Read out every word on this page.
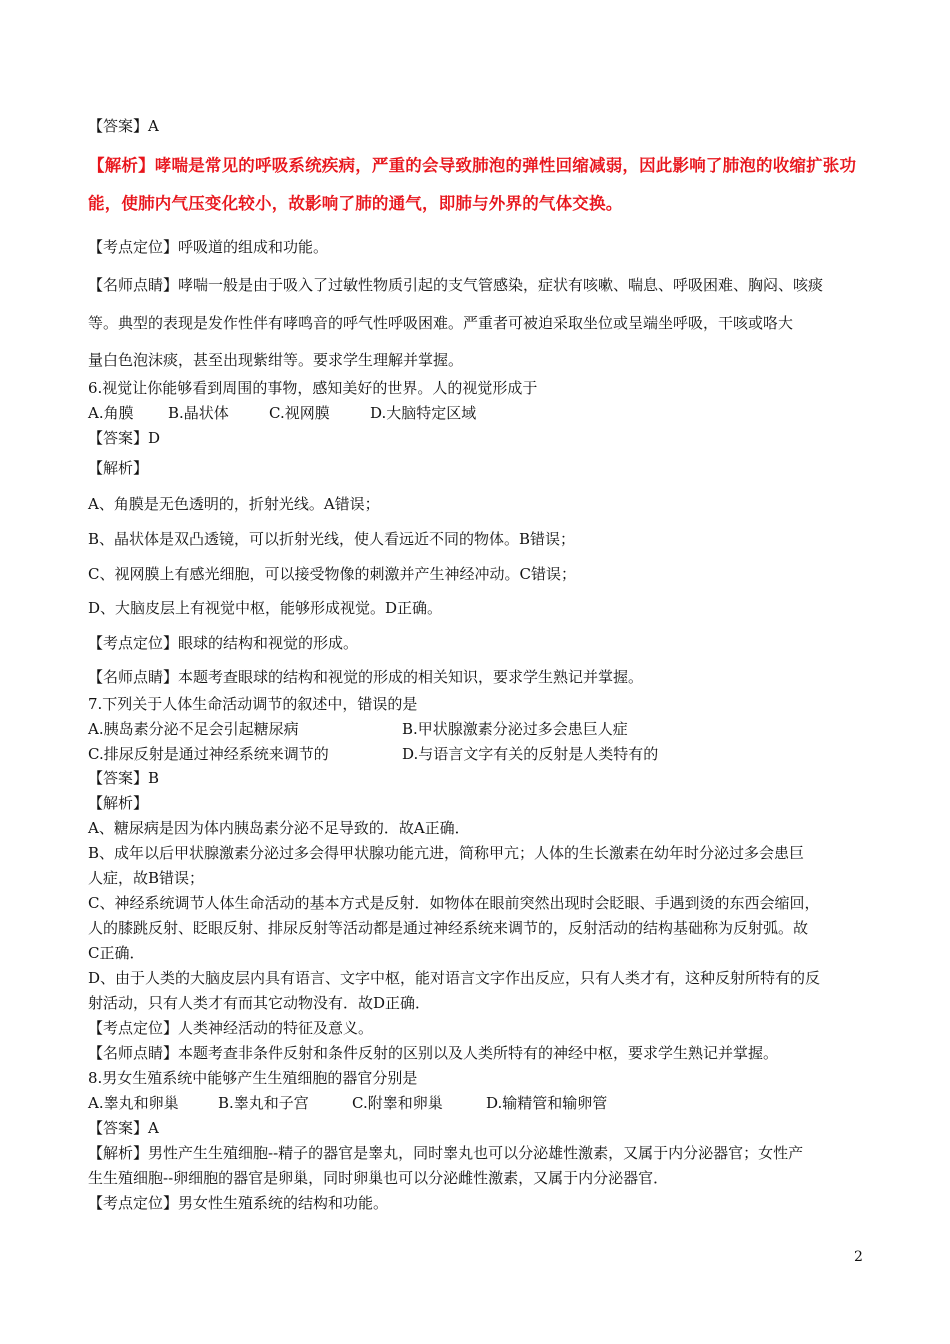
【答案】A
【解析】哮喘是常见的呼吸系统疾病，严重的会导致肺泡的弹性回缩减弱，因此影响了肺泡的收缩扩张功
能，使肺内气压变化较小，故影响了肺的通气，即肺与外界的气体交换。
【考点定位】呼吸道的组成和功能。
【名师点睛】哮喘一般是由于吸入了过敏性物质引起的支气管感染，症状有咳嗽、喘息、呼吸困难、胸闷、咳痰
等。典型的表现是发作性伴有哮鸣音的呼气性呼吸困难。严重者可被迫采取坐位或呈端坐呼吸，干咳或咯大
量白色泡沫痰，甚至出现紫绀等。要求学生理解并掌握。
6.视觉让你能够看到周围的事物，感知美好的世界。人的视觉形成于
A.角膜 B.晶状体	C.视网膜	D.大脑特定区域
【答案】D
【解析】
A、角膜是无色透明的，折射光线。A错误；
B、晶状体是双凸透镜，可以折射光线，使人看远近不同的物体。B错误；
C、视网膜上有感光细胞，可以接受物像的刺激并产生神经冲动。C错误；
D、大脑皮层上有视觉中枢，能够形成视觉。D正确。
【考点定位】眼球的结构和视觉的形成。
【名师点睛】本题考查眼球的结构和视觉的形成的相关知识，要求学生熟记并掌握。
7.下列关于人体生命活动调节的叙述中，错误的是
A.胰岛素分泌不足会引起糖尿病	B.甲状腺激素分泌过多会患巨人症
C.排尿反射是通过神经系统来调节的	D.与语言文字有关的反射是人类特有的
【答案】B
【解析】
A、糖尿病是因为体内胰岛素分泌不足导致的．故A正确．
B、成年以后甲状腺激素分泌过多会得甲状腺功能亢进，简称甲亢；人体的生长激素在幼年时分泌过多会患巨
人症，故B错误；
C、神经系统调节人体生命活动的基本方式是反射．如物体在眼前突然出现时会眨眼、手遇到烫的东西会缩回，
人的膝跳反射、眨眼反射、排尿反射等活动都是通过神经系统来调节的，反射活动的结构基础称为反射弧。故
C正确．
D、由于人类的大脑皮层内具有语言、文字中枢，能对语言文字作出反应，只有人类才有，这种反射所特有的反
射活动，只有人类才有而其它动物没有．故D正确．
【考点定位】人类神经活动的特征及意义。
【名师点睛】本题考查非条件反射和条件反射的区别以及人类所特有的神经中枢，要求学生熟记并掌握。
8.男女生殖系统中能够产生生殖细胞的器官分别是
A.睾丸和卵巢	B.睾丸和子宫	C.附睾和卵巢	D.输精管和输卵管
【答案】A
【解析】男性产生生殖细胞--精子的器官是睾丸，同时睾丸也可以分泌雄性激素，又属于内分泌器官；女性产
生生殖细胞--卵细胞的器官是卵巢，同时卵巢也可以分泌雌性激素，又属于内分泌器官．
【考点定位】男女性生殖系统的结构和功能。
2
